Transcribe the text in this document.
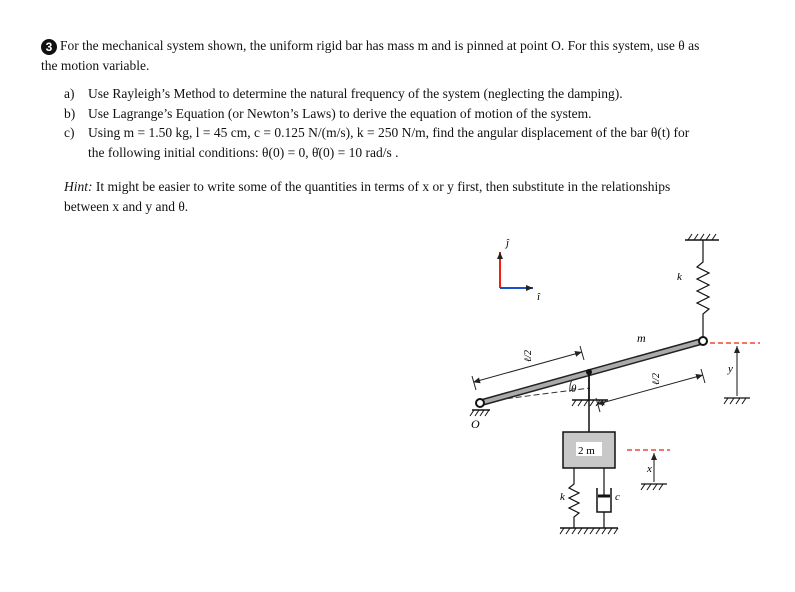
3 For the mechanical system shown, the uniform rigid bar has mass m and is pinned at point O. For this system, use θ as
the motion variable.
a) Use Rayleigh’s Method to determine the natural frequency of the system (neglecting the damping).
b) Use Lagrange’s Equation (or Newton’s Laws) to derive the equation of motion of the system.
c) Using m = 1.50 kg, l = 45 cm, c = 0.125 N/(m/s), k = 250 N/m, find the angular displacement of the bar θ(t) for
the following initial conditions: θ(0) = 0, θ̇(0) = 10 rad/s .
Hint: It might be easier to write some of the quantities in terms of x or y first, then substitute in the relationships
between x and y and θ.
ĵ
î
O
θ
ℓ/2
ℓ/2
m
k
y
2 m
x
k	c
